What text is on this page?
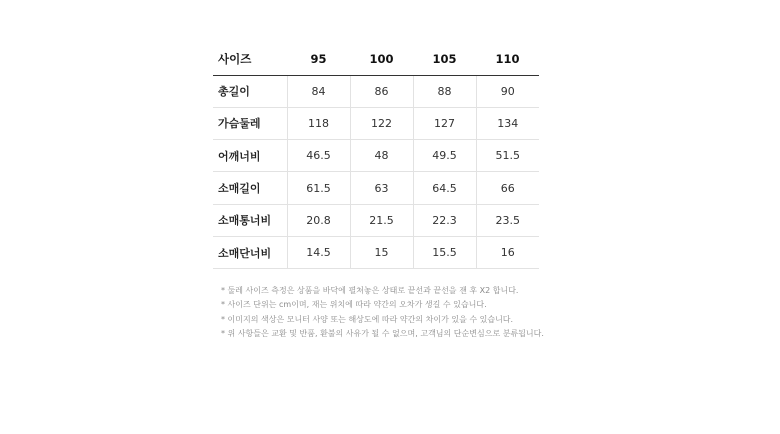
사이즈	95	100	105	110
총길이	84	86	88	90
가슴둘레	118	122	127	134
어깨너비	46.5	48	49.5	51.5
소매길이	61.5	63	64.5	66
소매통너비	20.8	21.5	22.3	23.5
소매단너비	14.5	15	15.5	16
* 둘레 사이즈 측정은 상품을 바닥에 펼쳐놓은 상태로 끝선과 끝선을 잰 후 X2 합니다.
* 사이즈 단위는 cm이며, 재는 위치에 따라 약간의 오차가 생길 수 있습니다.
* 이미지의 색상은 모니터 사양 또는 해상도에 따라 약간의 차이가 있을 수 있습니다.
* 위 사항들은 교환 및 반품, 환불의 사유가 될 수 없으며, 고객님의 단순변심으로 분류됩니다.
